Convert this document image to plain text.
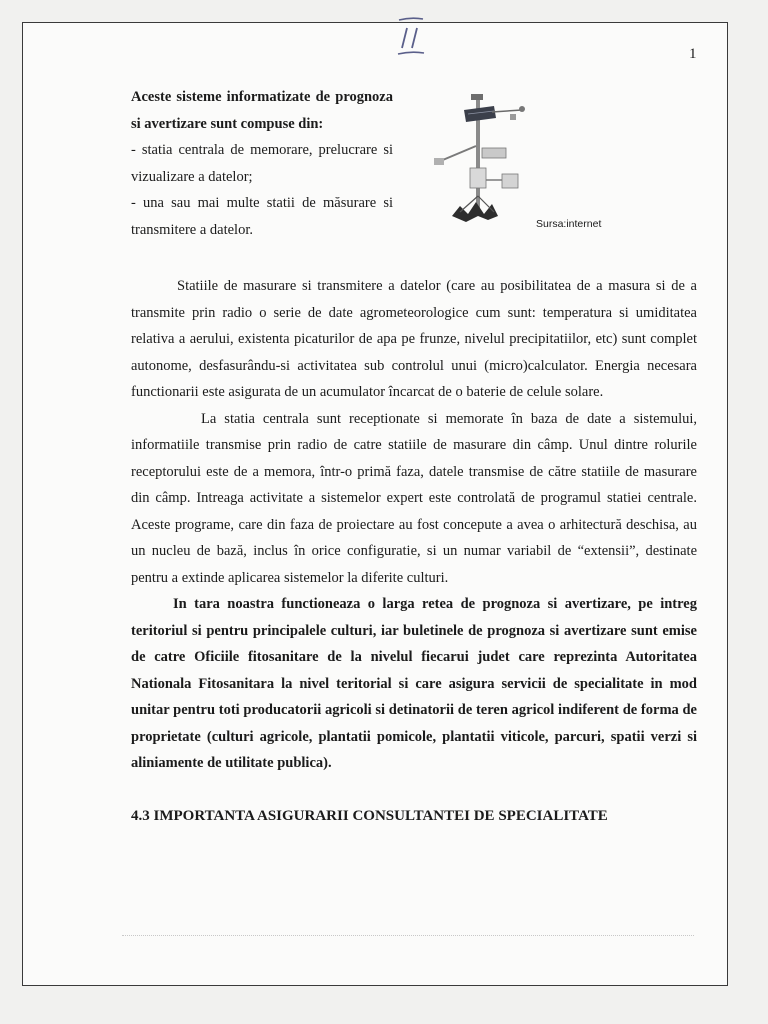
1

Aceste sisteme informatizate de prognoza si avertizare sunt compuse din:

- statia centrala de memorare, prelucrare si vizualizare a datelor;

- una sau mai multe statii de măsurare si transmitere a datelor.	Sursa:internet

Statiile de masurare si transmitere a datelor (care au posibilitatea de a masura si de a transmite prin radio o serie de date agrometeorologice cum sunt: temperatura si umiditatea relativa a aerului, existenta picaturilor de apa pe frunze, nivelul precipitatiilor, etc) sunt complet autonome, desfasurându-si activitatea sub controlul unui (micro)calculator. Energia necesara functionarii este asigurata de un acumulator încarcat de o baterie de celule solare.

La statia centrala sunt receptionate si memorate în baza de date a sistemului, informatiile transmise prin radio de catre statiile de masurare din câmp. Unul dintre rolurile receptorului este de a memora, într-o primă faza, datele transmise de către statiile de masurare din câmp. Intreaga activitate a sistemelor expert este controlată de programul statiei centrale. Aceste programe, care din faza de proiectare au fost concepute a avea o arhitectură deschisa, au un nucleu de bază, inclus în orice configuratie, si un numar variabil de “extensii”, destinate pentru a extinde aplicarea sistemelor la diferite culturi.

In tara noastra functioneaza o larga retea de prognoza si avertizare, pe intreg teritoriul si pentru principalele culturi, iar buletinele de prognoza si avertizare sunt emise de catre Oficiile fitosanitare de la nivelul fiecarui judet care reprezinta Autoritatea Nationala Fitosanitara la nivel teritorial si care asigura servicii de specialitate in mod unitar pentru toti producatorii agricoli si detinatorii de teren agricol indiferent de forma de proprietate (culturi agricole, plantatii pomicole, plantatii viticole, parcuri, spatii verzi si aliniamente de utilitate publica).

4.3 IMPORTANTA ASIGURARII CONSULTANTEI DE SPECIALITATE
